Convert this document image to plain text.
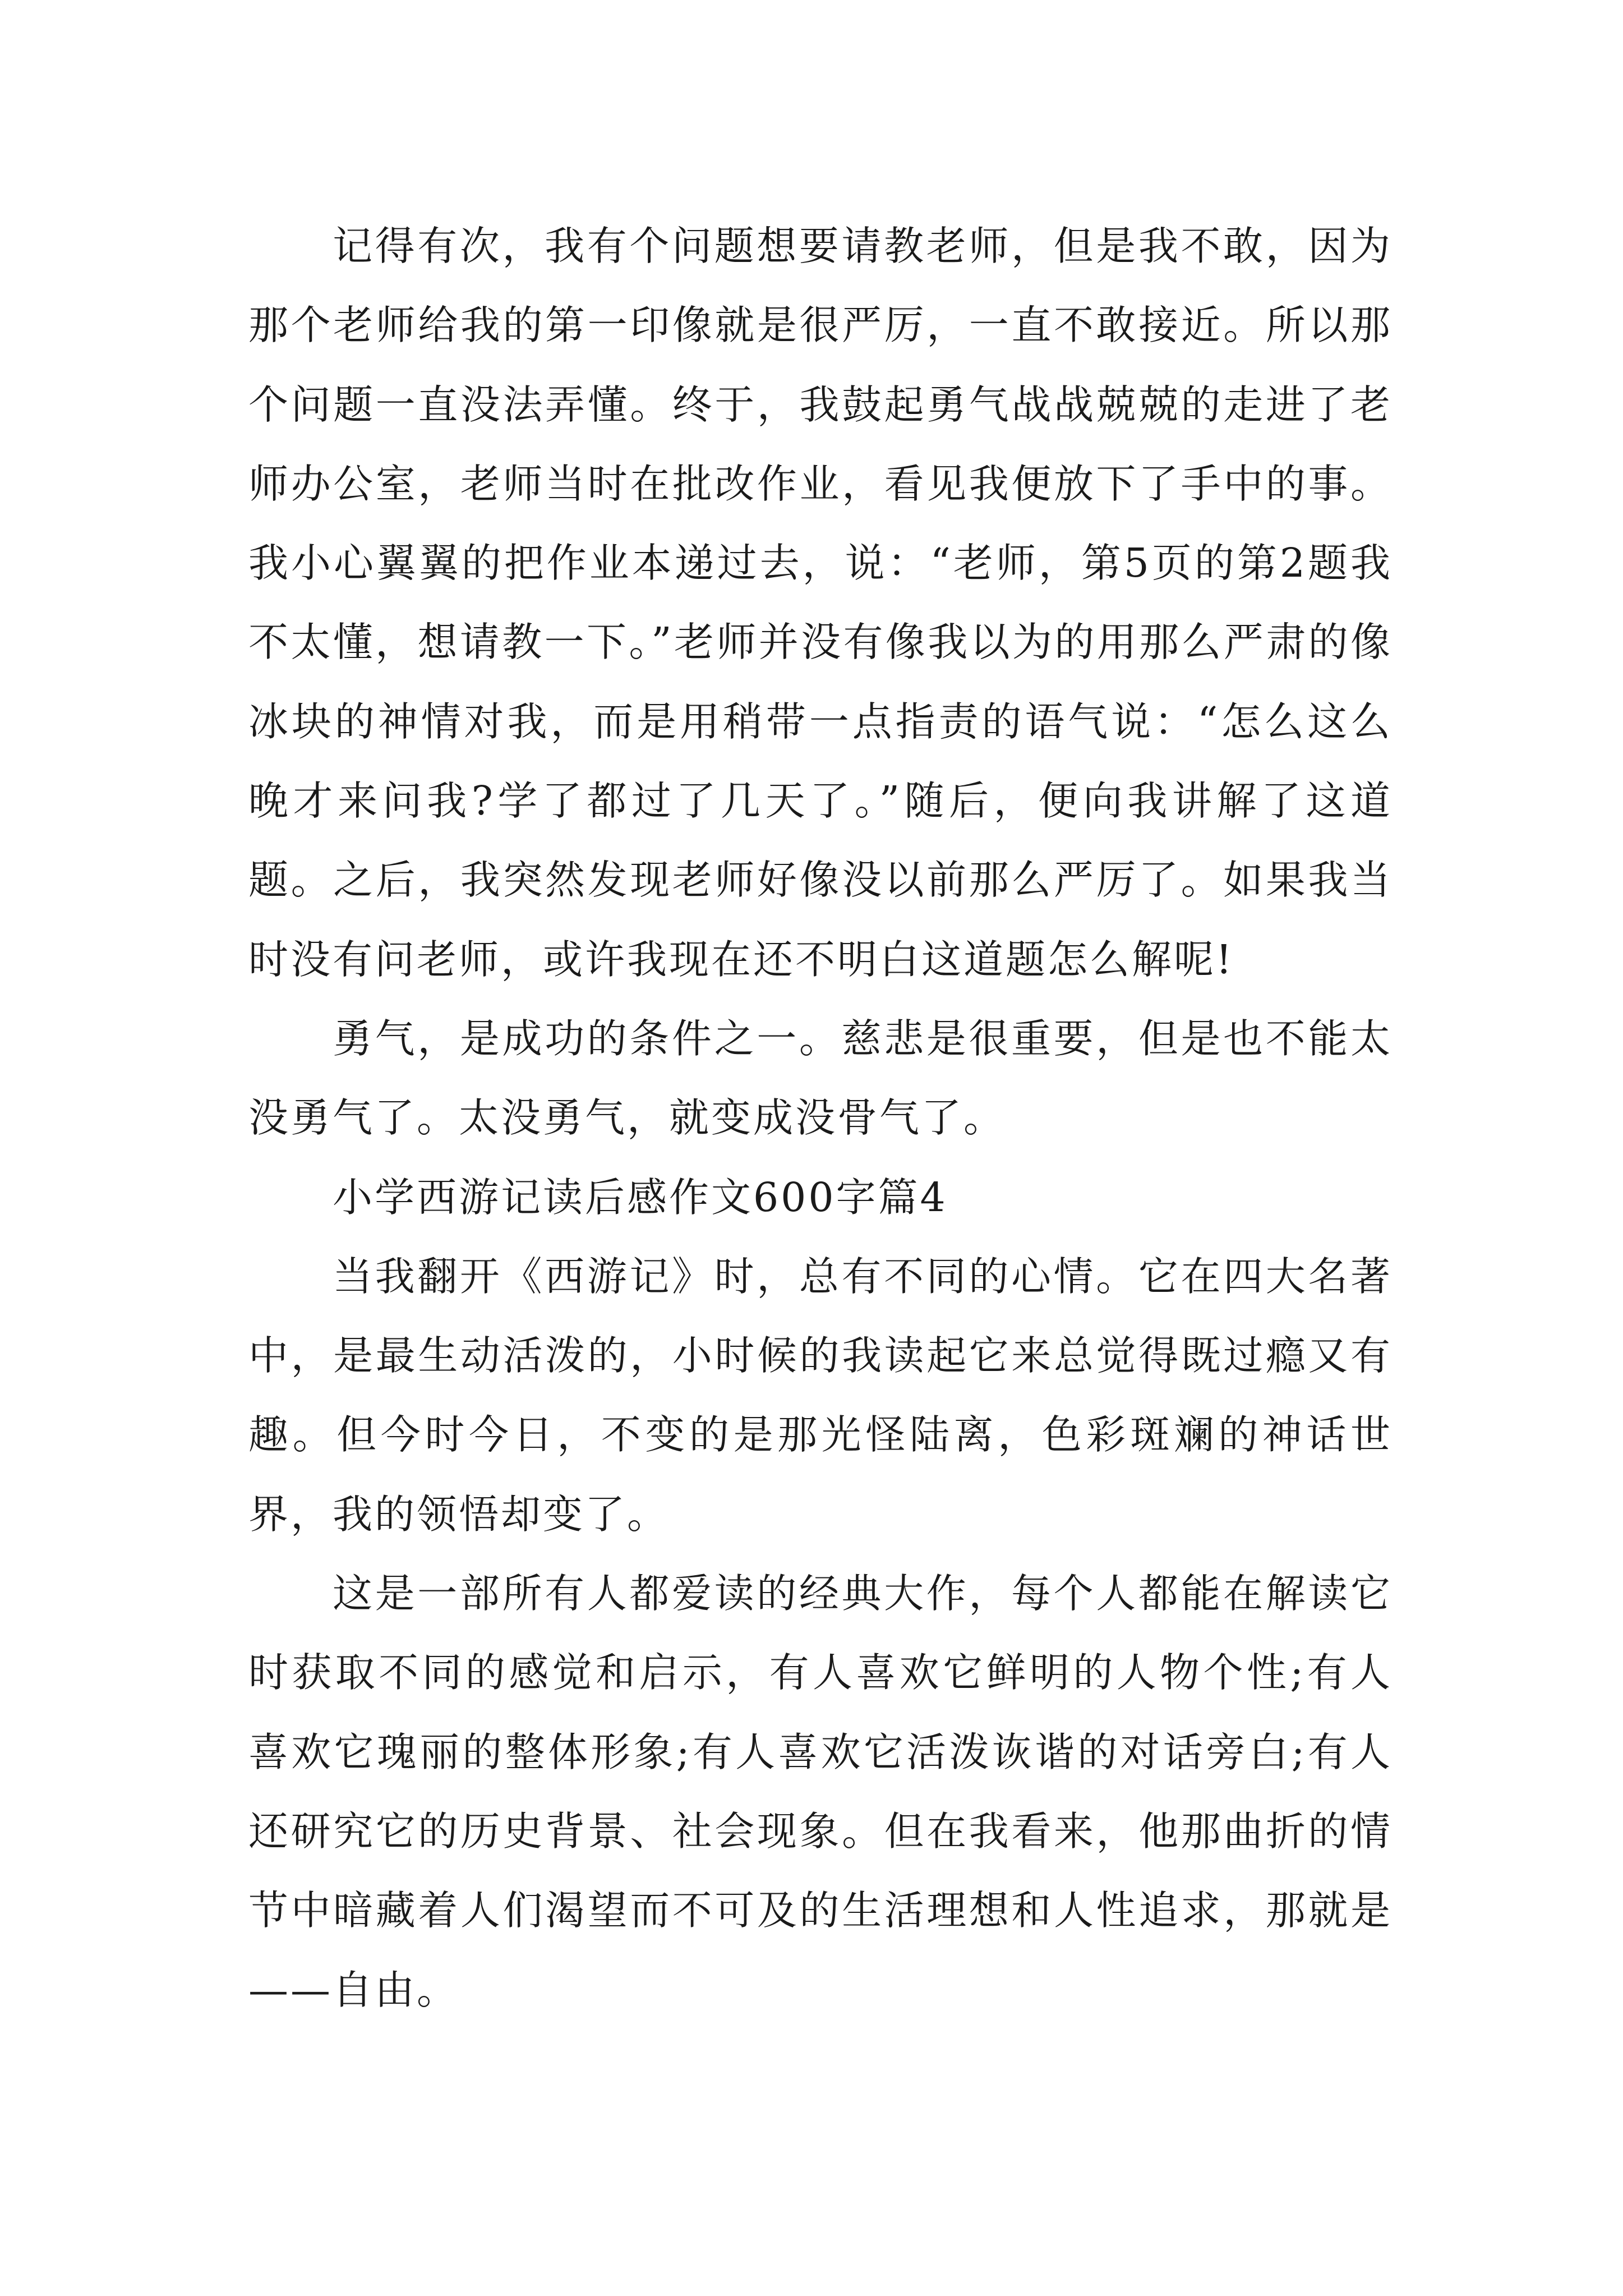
记得有次，我有个问题想要请教老师，但是我不敢，因为那个老师给我的第一印像就是很严厉，一直不敢接近。所以那个问题一直没法弄懂。终于，我鼓起勇气战战兢兢的走进了老师办公室，老师当时在批改作业，看见我便放下了手中的事。我小心翼翼的把作业本递过去，说：“老师，第5页的第2题我不太懂，想请教一下。”老师并没有像我以为的用那么严肃的像冰块的神情对我，而是用稍带一点指责的语气说：“怎么这么晚才来问我?学了都过了几天了。”随后，便向我讲解了这道题。之后，我突然发现老师好像没以前那么严厉了。如果我当时没有问老师，或许我现在还不明白这道题怎么解呢!

勇气，是成功的条件之一。慈悲是很重要，但是也不能太没勇气了。太没勇气，就变成没骨气了。

小学西游记读后感作文600字篇4

当我翻开《西游记》时，总有不同的心情。它在四大名著中，是最生动活泼的，小时候的我读起它来总觉得既过瘾又有趣。但今时今日，不变的是那光怪陆离，色彩斑斓的神话世界，我的领悟却变了。

这是一部所有人都爱读的经典大作，每个人都能在解读它时获取不同的感觉和启示，有人喜欢它鲜明的人物个性;有人喜欢它瑰丽的整体形象;有人喜欢它活泼诙谐的对话旁白;有人还研究它的历史背景、社会现象。但在我看来，他那曲折的情节中暗藏着人们渴望而不可及的生活理想和人性追求，那就是——自由。
